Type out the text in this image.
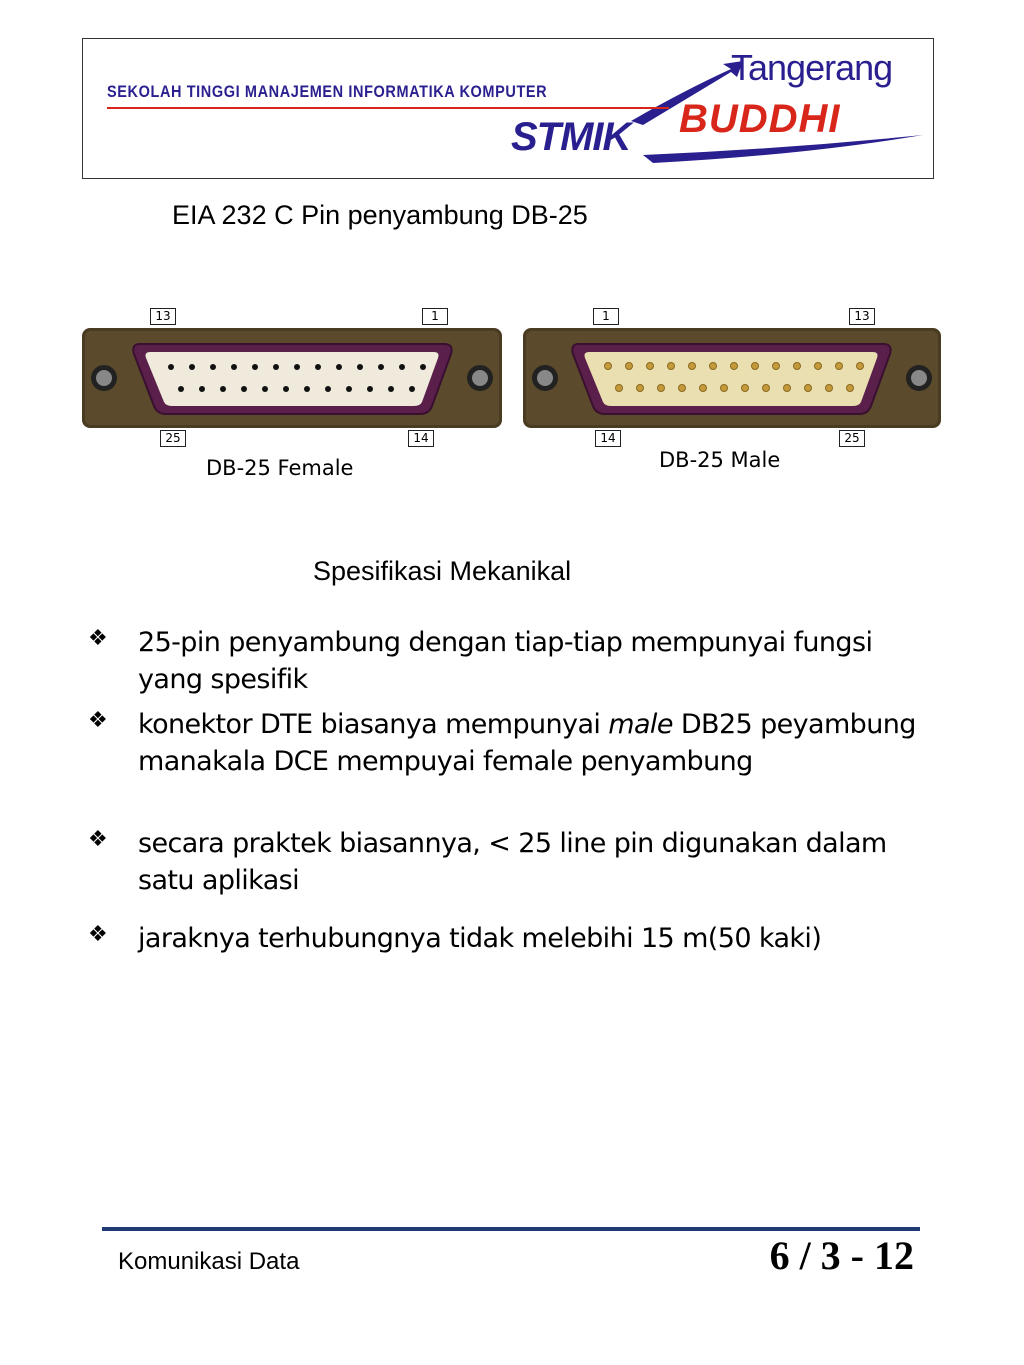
SEKOLAH TINGGI MANAJEMEN INFORMATIKA KOMPUTER
Tangerang
BUDDHI
STMIK
EIA 232 C Pin penyambung DB-25
13	1
25	14
DB-25 Female
1	13
14	25
DB-25 Male
Spesifikasi Mekanikal
❖ 25-pin penyambung dengan tiap-tiap mempunyai fungsi yang spesifik
❖ konektor DTE biasanya mempunyai male DB25 peyambung manakala DCE mempuyai female penyambung
❖ secara praktek biasannya, < 25 line pin digunakan dalam satu aplikasi
❖ jaraknya terhubungnya tidak melebihi 15 m(50 kaki)
Komunikasi Data	6 / 3 - 12
